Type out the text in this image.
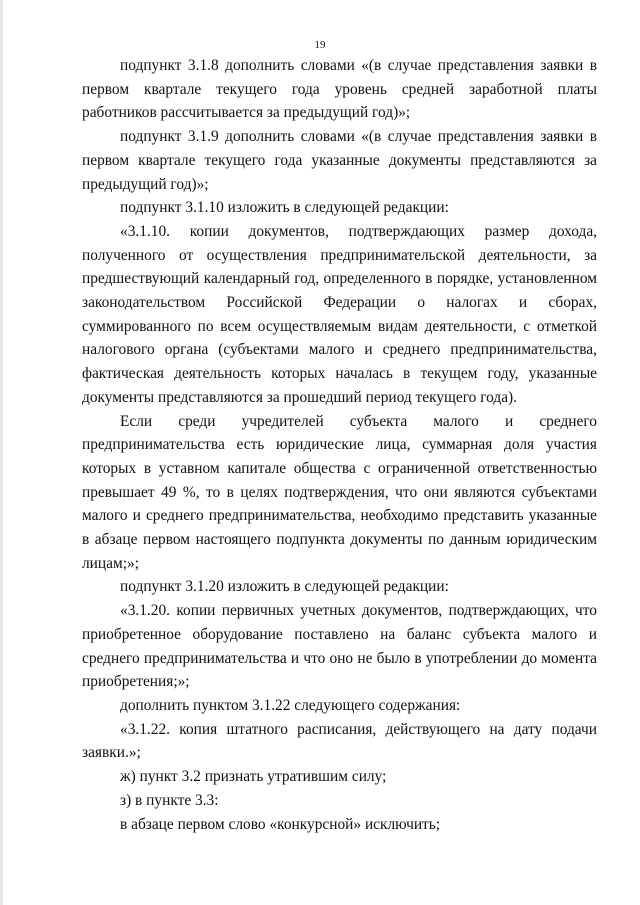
19

подпункт 3.1.8 дополнить словами «(в случае представления заявки в первом квартале текущего года уровень средней заработной платы работников рассчитывается за предыдущий год)»;

подпункт 3.1.9 дополнить словами «(в случае представления заявки в первом квартале текущего года указанные документы представляются за предыдущий год)»;

подпункт 3.1.10 изложить в следующей редакции:

«3.1.10. копии документов, подтверждающих размер дохода, полученного от осуществления предпринимательской деятельности, за предшествующий календарный год, определенного в порядке, установленном законодательством Российской Федерации о налогах и сборах, суммированного по всем осуществляемым видам деятельности, с отметкой налогового органа (субъектами малого и среднего предпринимательства, фактическая деятельность которых началась в текущем году, указанные документы представляются за прошедший период текущего года).

Если среди учредителей субъекта малого и среднего предпринимательства есть юридические лица, суммарная доля участия которых в уставном капитале общества с ограниченной ответственностью превышает 49 %, то в целях подтверждения, что они являются субъектами малого и среднего предпринимательства, необходимо представить указанные в абзаце первом настоящего подпункта документы по данным юридическим лицам;»;

подпункт 3.1.20 изложить в следующей редакции:

«3.1.20. копии первичных учетных документов, подтверждающих, что приобретенное оборудование поставлено на баланс субъекта малого и среднего предпринимательства и что оно не было в употреблении до момента приобретения;»;

дополнить пунктом 3.1.22 следующего содержания:

«3.1.22. копия штатного расписания, действующего на дату подачи заявки.»;

ж) пункт 3.2 признать утратившим силу;

з) в пункте 3.3:

в абзаце первом слово «конкурсной» исключить;
